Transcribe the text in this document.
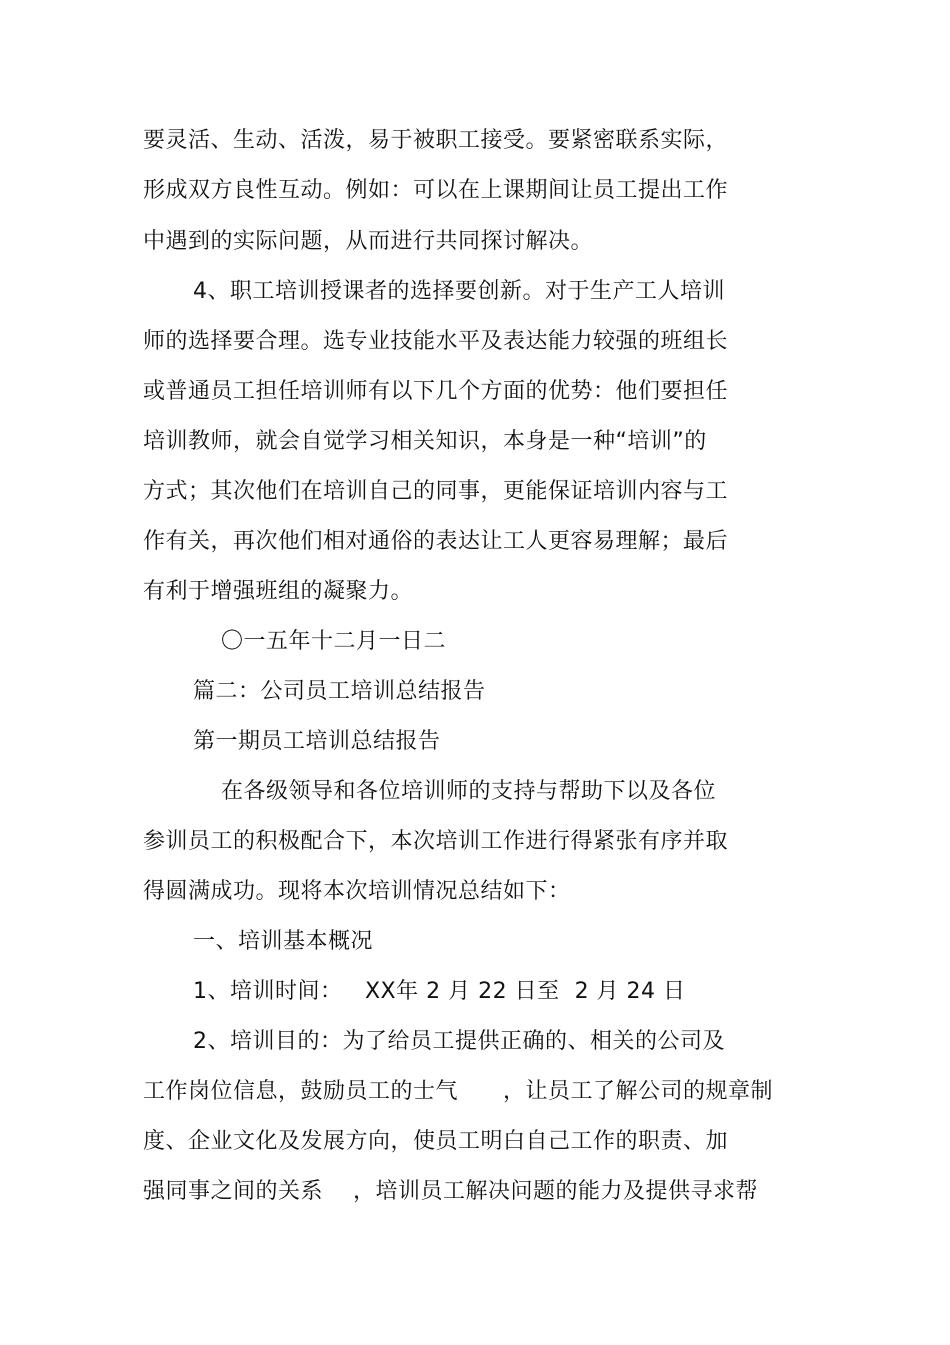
要灵活、生动、活泼，易于被职工接受。要紧密联系实际，
形成双方良性互动。例如：可以在上课期间让员工提出工作
中遇到的实际问题，从而进行共同探讨解决。
4、职工培训授课者的选择要创新。对于生产工人培训
师的选择要合理。选专业技能水平及表达能力较强的班组长
或普通员工担任培训师有以下几个方面的优势：他们要担任
培训教师，就会自觉学习相关知识，本身是一种“培训”的
方式；其次他们在培训自己的同事，更能保证培训内容与工
作有关，再次他们相对通俗的表达让工人更容易理解；最后
有利于增强班组的凝聚力。
〇一五年十二月一日二
篇二：公司员工培训总结报告
第一期员工培训总结报告
在各级领导和各位培训师的支持与帮助下以及各位
参训员工的积极配合下，本次培训工作进行得紧张有序并取
得圆满成功。现将本次培训情况总结如下：
一、培训基本概况
1、培训时间：   XX年 2 月 22 日至  2 月 24 日
2、培训目的：为了给员工提供正确的、相关的公司及
工作岗位信息，鼓励员工的士气      ，让员工了解公司的规章制
度、企业文化及发展方向，使员工明白自己工作的职责、加
强同事之间的关系    ，培训员工解决问题的能力及提供寻求帮
